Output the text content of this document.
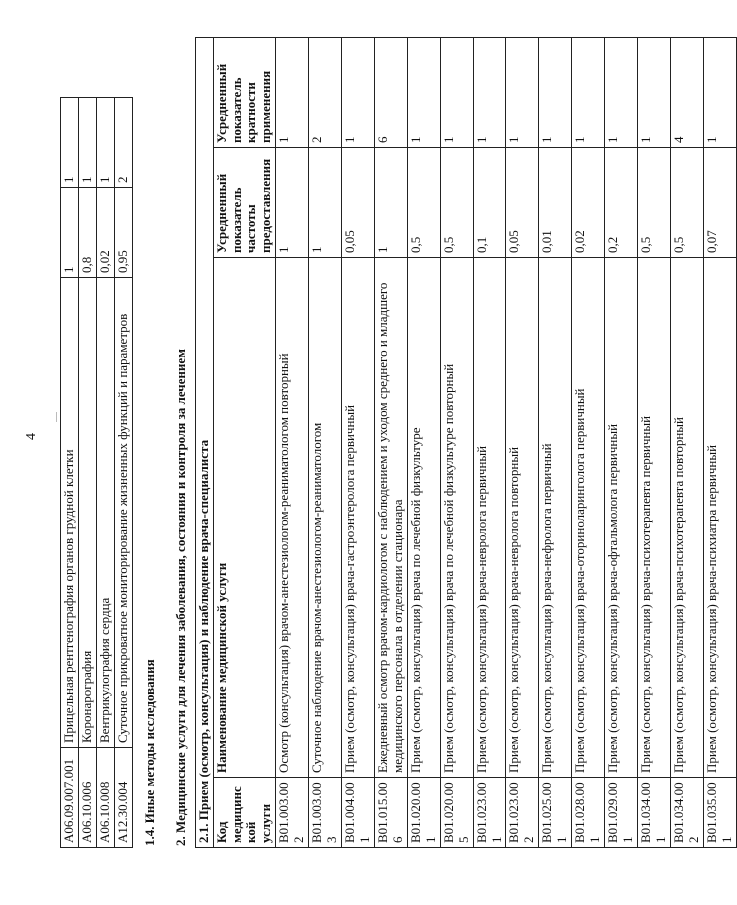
4
A06.09.007.001	Прицельная рентгенография органов грудной клетки	1	1
A06.10.006	Коронарография	0,8	1
A06.10.008	Вентрикулография сердца	0,02	1
A12.30.004	Суточное прикроватное мониторирование жизненных функций и параметров	0,95	2

1.4. Иные методы исследования 2. Медицинские услуги для лечения заболевания, состояния и контроля за лечением 2.1. Прием (осмотр, консультация) и наблюдение врача-специалиста			
Код медицинской услуги	Наименование медицинской услуги	Усредненный показатель частоты предоставления	Усредненный показатель кратности применения
B01.003.002	Осмотр (консультация) врачом-анестезиологом-реаниматологом повторный	1	1
B01.003.003	Суточное наблюдение врачом-анестезиологом-реаниматологом	1	2
B01.004.001	Прием (осмотр, консультация) врача-гастроэнтеролога первичный	0,05	1
B01.015.006	Ежедневный осмотр врачом-кардиологом с наблюдением и уходом среднего и младшего медицинского персонала в отделении стационара	1	6
B01.020.001	Прием (осмотр, консультация) врача по лечебной физкультуре	0,5	1
B01.020.005	Прием (осмотр, консультация) врача по лечебной физкультуре повторный	0,5	1
B01.023.001	Прием (осмотр, консультация) врача-невролога первичный	0,1	1
B01.023.002	Прием (осмотр, консультация) врача-невролога повторный	0,05	1
B01.025.001	Прием (осмотр, консультация) врача-нефролога первичный	0,01	1
B01.028.001	Прием (осмотр, консультация) врача-оториноларинголога первичный	0,02	1
B01.029.001	Прием (осмотр, консультация) врача-офтальмолога первичный	0,2	1
B01.034.001	Прием (осмотр, консультация) врача-психотерапевта первичный	0,5	1
B01.034.002	Прием (осмотр, консультация) врача-психотерапевта повторный	0,5	4
B01.035.001	Прием (осмотр, консультация) врача-психиатра первичный	0,07	1
